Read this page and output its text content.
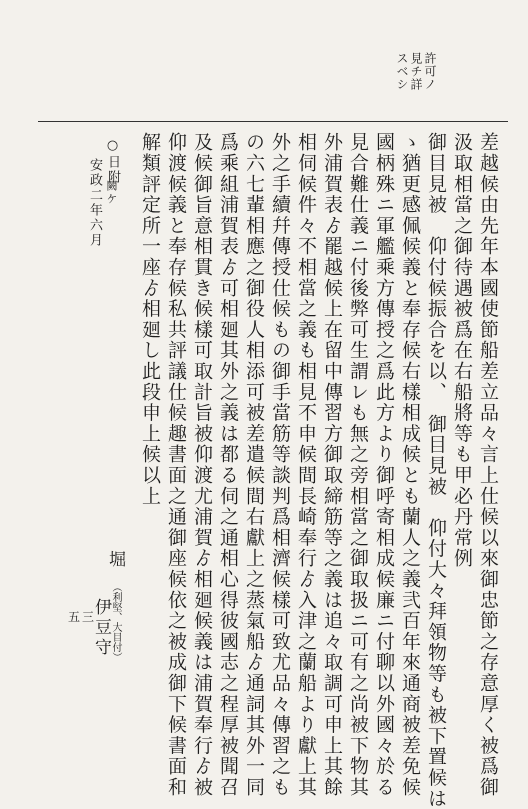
許可ノ
見チ詳
スベシ
差越候由先年本國使節船差立品々言上仕候以來御忠節之存意厚く被爲御
汲取相當之御待遇被爲在右船將等も甲必丹常例
御目見被　仰付候振合を以、　御目見被　仰付大々拜領物等も被下置候は
ゝ猶更感佩候義と奉存候右樣相成候とも蘭人之義弐百年來通商被差免候
國柄殊ニ軍艦乘方傳授之爲此方より御呼寄相成候廉ニ付聊以外國々於る
見合難仕義ニ付後弊可生謂レも無之旁相當之御取扱ニ可有之尚被下物其
外浦賀表ゟ罷越候上在留中傳習方御取締筋等之義は追々取調可申上其餘
相伺候件々不相當之義も相見不申候間長崎奉行ゟ入津之蘭船より獻上其
外之手續幷傳授仕候もの御手當筋等談判爲相濟候樣可致尤品々傳習之も
の六七輩相應之御役人相添可被差遣候間右獻上之蒸氣船ゟ通詞其外一同
爲乘組浦賀表ゟ可相廻其外之義は都る伺之通相心得彼國志之程厚被聞召
及候御旨意相貫き候樣可取計旨被仰渡尤浦賀ゟ相廻候義は浦賀奉行ゟ被
仰渡候義と奉存候私共評議仕候趣書面之通御座候依之被成御下候書面和
解類評定所一座ゟ相廻し此段申上候以上
○日附
闕ケ
安政二年六月
堀
（利堅、大目付）
伊豆守
五三
